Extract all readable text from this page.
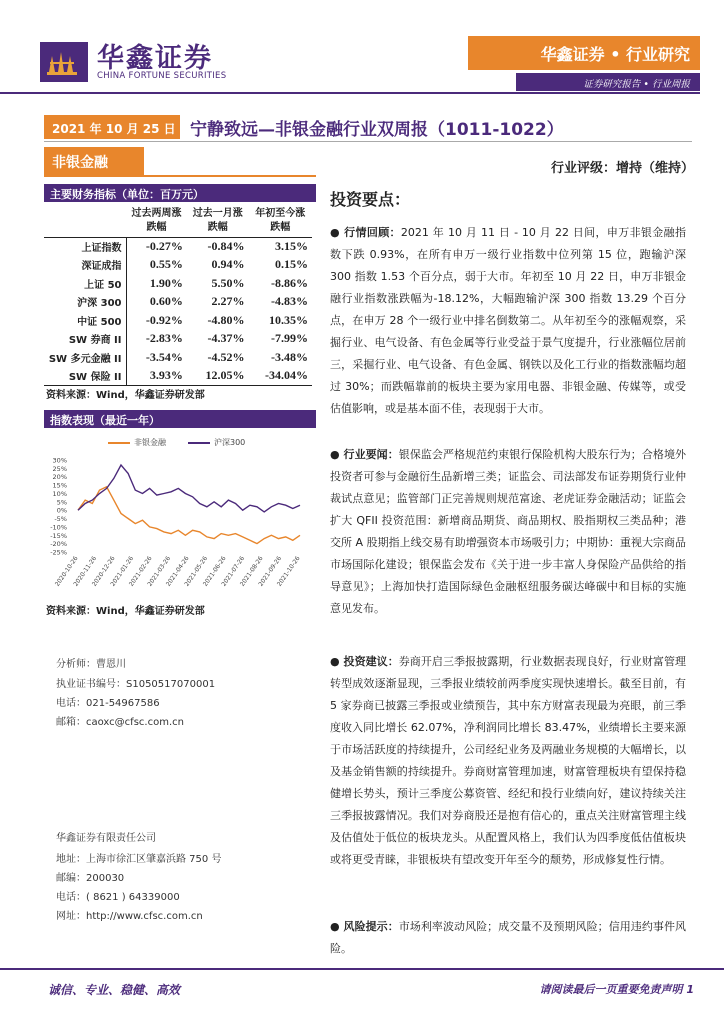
华鑫证券
CHINA FORTUNE SECURITIES
华鑫证券 • 行业研究
证券研究报告 • 行业周报
2021 年 10 月 25 日 宁静致远—非银金融行业双周报（1011-1022）
非银金融	行业评级：增持（维持）
主要财务指标（单位：百万元）
	过去两周涨跌幅	过去一月涨跌幅	年初至今涨跌幅
上证指数	-0.27%	-0.84%	3.15%
深证成指	0.55%	0.94%	0.15%
上证 50	1.90%	5.50%	-8.86%
沪深 300	0.60%	2.27%	-4.83%
中证 500	-0.92%	-4.80%	10.35%
SW 券商 II	-2.83%	-4.37%	-7.99%
SW 多元金融 II	-3.54%	-4.52%	-3.48%
SW 保险 II	3.93%	12.05%	-34.04%
资料来源：Wind，华鑫证券研发部
指数表现（最近一年）
非银金融	沪深300
30%
25%
20%
15%
10%
5%
0%
-5%
-10%
-15%
-20%
-25%
2020-10-26
2020-11-26
2020-12-26
2021-01-26
2021-02-26
2021-03-26
2021-04-26
2021-05-26
2021-06-26
2021-07-26
2021-08-26
2021-09-26
2021-10-26
资料来源：Wind，华鑫证券研发部
分析师：曹恩川
执业证书编号：S1050517070001
电话：021-54967586
邮箱：caoxc@cfsc.com.cn
华鑫证券有限责任公司
地址：上海市徐汇区肇嘉浜路 750 号
邮编：200030
电话：( 8621 ) 64339000
网址：http://www.cfsc.com.cn
投资要点：
● 行情回顾：2021 年 10 月 11 日 - 10 月 22 日间，申万非银金融指数下跌 0.93%，在所有申万一级行业指数中位列第 15 位，跑输沪深 300 指数 1.53 个百分点，弱于大市。年初至 10 月 22 日，申万非银金融行业指数涨跌幅为-18.12%，大幅跑输沪深 300 指数 13.29 个百分点，在申万 28 个一级行业中排名倒数第二。从年初至今的涨幅观察，采掘行业、电气设备、有色金属等行业受益于景气度提升，行业涨幅位居前三，采掘行业、电气设备、有色金属、钢铁以及化工行业的指数涨幅均超过 30%；而跌幅靠前的板块主要为家用电器、非银金融、传媒等，或受估值影响，或是基本面不佳，表现弱于大市。
● 行业要闻：银保监会严格规范约束银行保险机构大股东行为；合格境外投资者可参与金融衍生品新增三类；证监会、司法部发布证券期货行业仲裁试点意见；监管部门正完善规则规范富途、老虎证券金融活动；证监会扩大 QFII 投资范围：新增商品期货、商品期权、股指期权三类品种；港交所 A 股期指上线交易有助增强资本市场吸引力；中期协：重视大宗商品市场国际化建设；银保监会发布《关于进一步丰富人身保险产品供给的指导意见》；上海加快打造国际绿色金融枢纽服务碳达峰碳中和目标的实施意见发布。
● 投资建议：券商开启三季报披露期，行业数据表现良好，行业财富管理转型成效逐渐显现，三季报业绩较前两季度实现快速增长。截至目前，有 5 家券商已披露三季报或业绩预告，其中东方财富表现最为亮眼，前三季度收入同比增长 62.07%，净利润同比增长 83.47%，业绩增长主要来源于市场活跃度的持续提升，公司经纪业务及两融业务规模的大幅增长，以及基金销售额的持续提升。券商财富管理加速，财富管理板块有望保持稳健增长势头，预计三季度公募资管、经纪和投行业绩向好，建议持续关注三季报披露情况。我们对券商股还是抱有信心的，重点关注财富管理主线及估值处于低位的板块龙头。从配置风格上，我们认为四季度低估值板块或将更受青睐，非银板块有望改变开年至今的颓势，形成修复性行情。
● 风险提示：市场利率波动风险；成交量不及预期风险；信用违约事件风险。
诚信、专业、稳健、高效	请阅读最后一页重要免责声明 1
